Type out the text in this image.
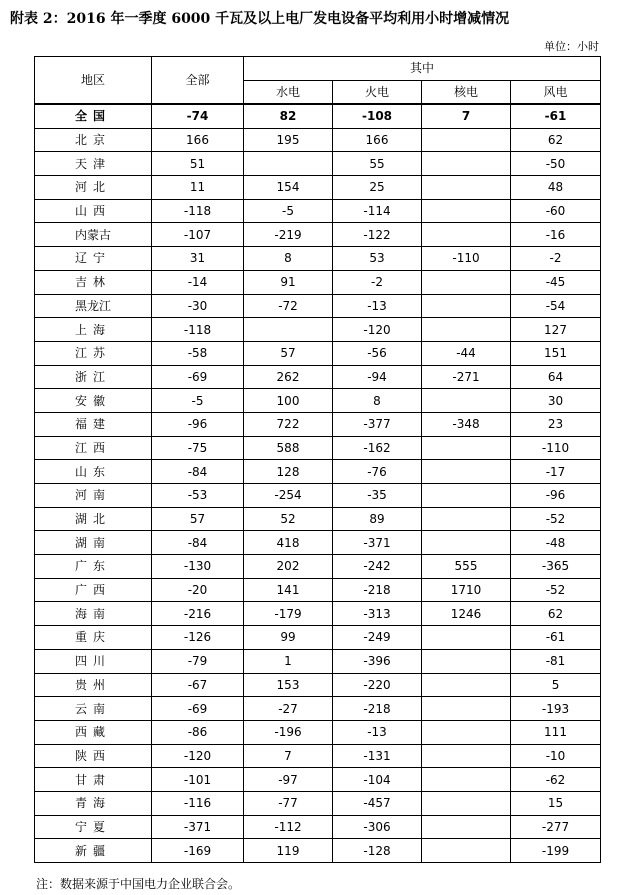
附表 2：2016 年一季度 6000 千瓦及以上电厂发电设备平均利用小时增减情况
单位：小时
地区	全部	其中			
		水电	火电	核电	风电
全国	-74	82	-108	7	-61
北京	166	195	166		62
天津	51		55		-50
河北	11	154	25		48
山西	-118	-5	-114		-60
内蒙古	-107	-219	-122		-16
辽宁	31	8	53	-110	-2
吉林	-14	91	-2		-45
黑龙江	-30	-72	-13		-54
上海	-118		-120		127
江苏	-58	57	-56	-44	151
浙江	-69	262	-94	-271	64
安徽	-5	100	8		30
福建	-96	722	-377	-348	23
江西	-75	588	-162		-110
山东	-84	128	-76		-17
河南	-53	-254	-35		-96
湖北	57	52	89		-52
湖南	-84	418	-371		-48
广东	-130	202	-242	555	-365
广西	-20	141	-218	1710	-52
海南	-216	-179	-313	1246	62
重庆	-126	99	-249		-61
四川	-79	1	-396		-81
贵州	-67	153	-220		5
云南	-69	-27	-218		-193
西藏	-86	-196	-13		111
陕西	-120	7	-131		-10
甘肃	-101	-97	-104		-62
青海	-116	-77	-457		15
宁夏	-371	-112	-306		-277
新疆	-169	119	-128		-199
注：数据来源于中国电力企业联合会。
